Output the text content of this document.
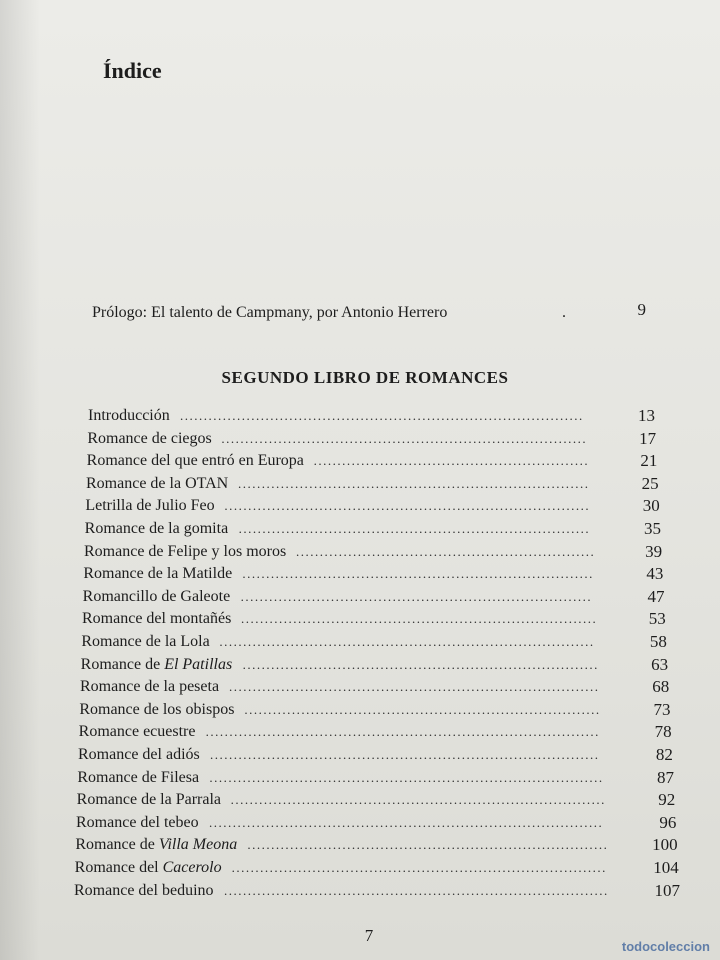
Índice
Prólogo: El talento de Campmany, por Antonio Herrero	.	9
SEGUNDO LIBRO DE ROMANCES
Introducción .....................................................................................	13
Romance de ciegos .............................................................................	17
Romance del que entró en Europa ..........................................................	21
Romance de la OTAN ..........................................................................	25
Letrilla de Julio Feo .............................................................................	30
Romance de la gomita ..........................................................................	35
Romance de Felipe y los moros ...............................................................	39
Romance de la Matilde ..........................................................................	43
Romancillo de Galeote ..........................................................................	47
Romance del montañés ...........................................................................	53
Romance de la Lola ...............................................................................	58
Romance de El Patillas ...........................................................................	63
Romance de la peseta ..............................................................................	68
Romance de los obispos ...........................................................................	73
Romance ecuestre ...................................................................................	78
Romance del adiós ..................................................................................	82
Romance de Filesa ...................................................................................	87
Romance de la Parrala ...............................................................................	92
Romance del tebeo ...................................................................................	96
Romance de Villa Meona ............................................................................	100
Romance del Cacerolo ...............................................................................	104
Romance del beduino .................................................................................	107
7
todocoleccion
